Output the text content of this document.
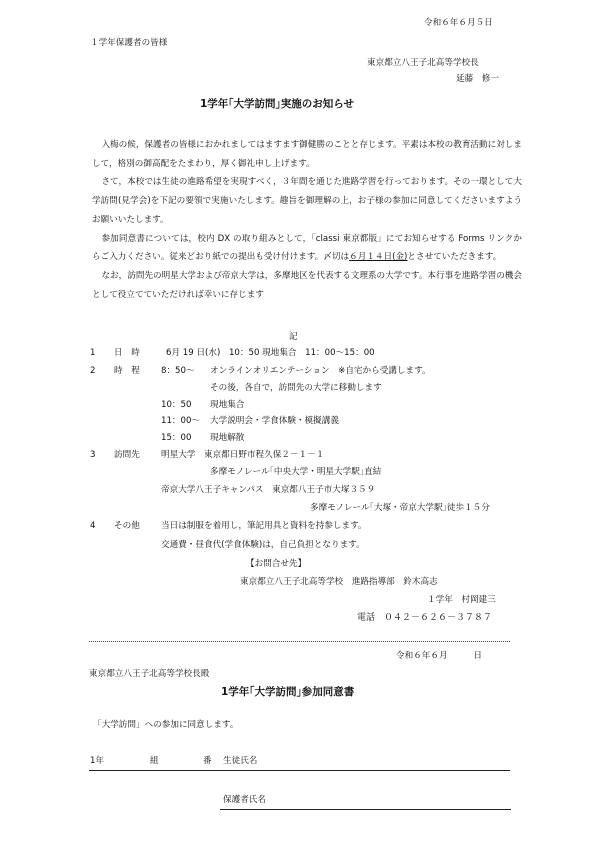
令和６年６月５日
１学年保護者の皆様
東京都立八王子北高等学校長
延藤　修一
1学年｢大学訪問｣実施のお知らせ

入梅の候，保護者の皆様におかれましてはますます御健勝のことと存じます。平素は本校の教育活動に対しまして，格別の御高配をたまわり，厚く御礼申し上げます。

さて，本校では生徒の進路希望を実現すべく，３年間を通じた進路学習を行っております。その一環として大学訪問(見学会)を下記の要領で実施いたします。趣旨を御理解の上，お子様の参加に同意してくださいますようお願いいたします。

参加同意書については，校内 DX の取り組みとして，「classi 東京都版」にてお知らせする Forms リンクからご入力ください。従来どおり紙での提出も受け付けます。〆切は６月１４日(金)とさせていただきます。

なお，訪問先の明星大学および帝京大学は，多摩地区を代表する文理系の大学です。本行事を進路学習の機会として役立てていただければ幸いに存じます

記
1 日　時	6月 19 日(水)　10：50 現地集合　11：00～15：00
2 時　程 8：50～ オンラインオリエンテーション　※自宅から受講します。
その後，各自で，訪問先の大学に移動します
10：50 現地集合
11：00～ 大学説明会・学食体験・模擬講義
15：00 現地解散
3 訪問先 明星大学　東京都日野市程久保２－１－１
多摩モノレール｢中央大学・明星大学駅｣直結
帝京大学八王子キャンパス　東京都八王子市大塚３５９
多摩モノレール｢大塚・帝京大学駅｣徒歩１５分
4 その他 当日は制服を着用し，筆記用具と資料を持参します。
交通費・昼食代(学食体験)は，自己負担となります。
【お問合せ先】
東京都立八王子北高等学校　進路指導部　鈴木高志
１学年　村岡建三
電話　０４２－６２６－３７８７
令和６年６月　　　日
東京都立八王子北高等学校長殿
1学年｢大学訪問｣参加同意書
「大学訪問」への参加に同意します。
1年	組	番 生徒氏名
保護者氏名
